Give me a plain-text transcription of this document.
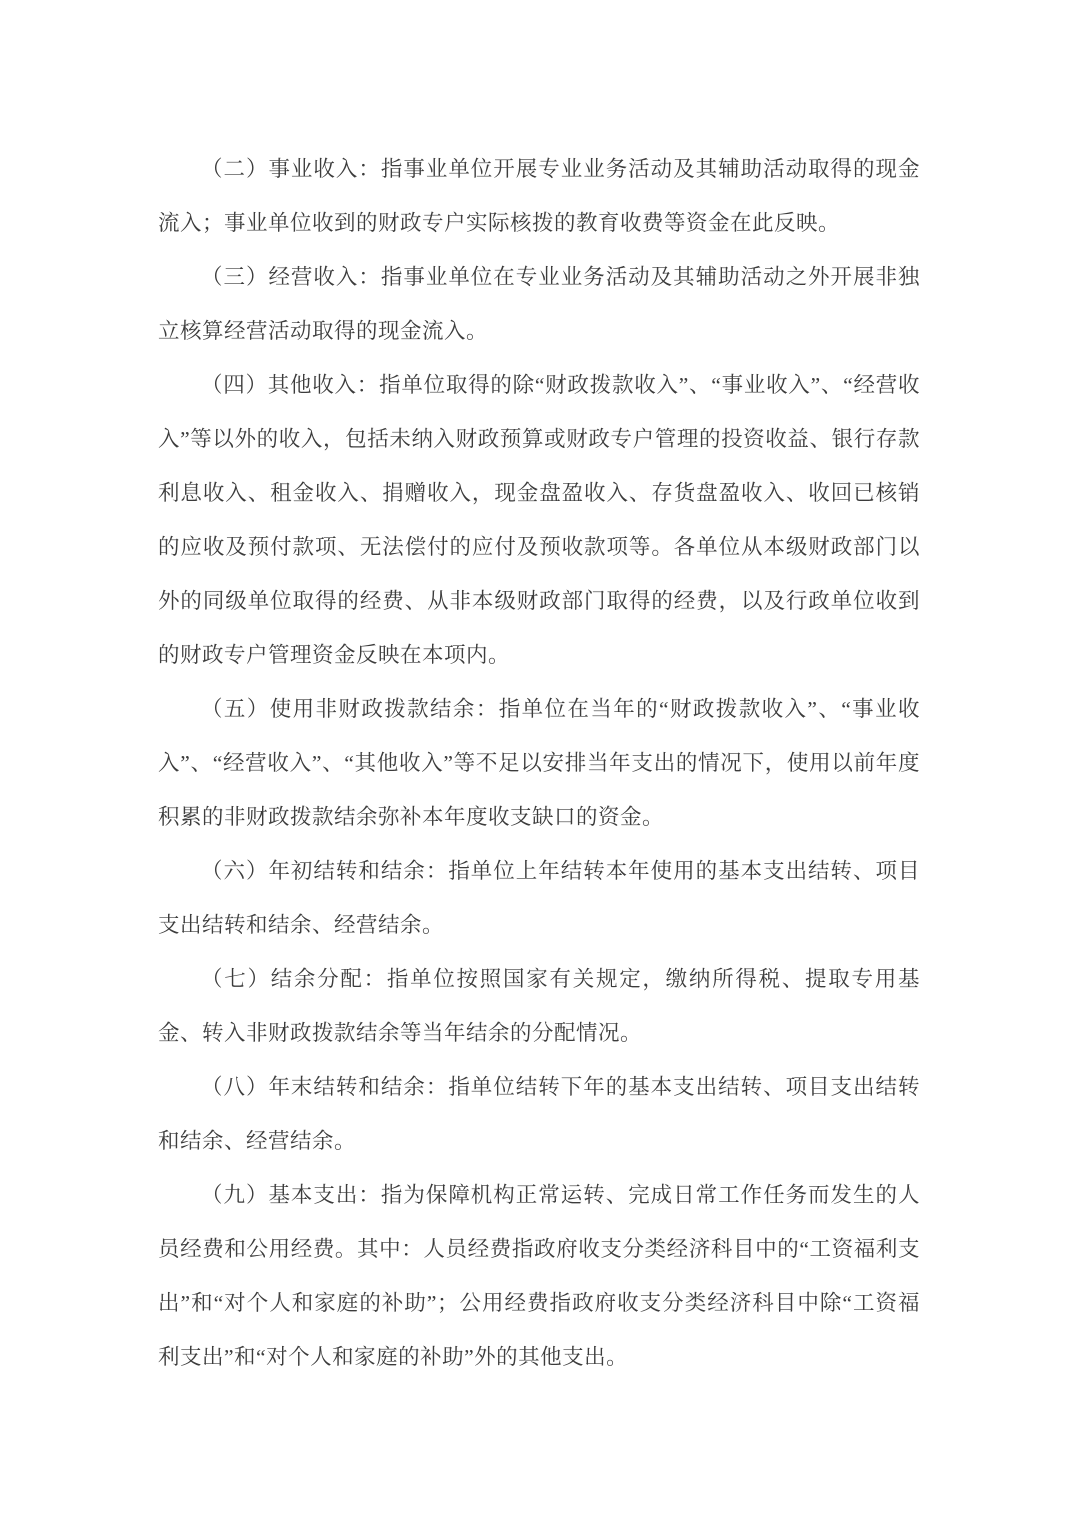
（二）事业收入：指事业单位开展专业业务活动及其辅助活动取得的现金流入；事业单位收到的财政专户实际核拨的教育收费等资金在此反映。

（三）经营收入：指事业单位在专业业务活动及其辅助活动之外开展非独立核算经营活动取得的现金流入。

（四）其他收入：指单位取得的除“财政拨款收入”、“事业收入”、“经营收入”等以外的收入，包括未纳入财政预算或财政专户管理的投资收益、银行存款利息收入、租金收入、捐赠收入，现金盘盈收入、存货盘盈收入、收回已核销的应收及预付款项、无法偿付的应付及预收款项等。各单位从本级财政部门以外的同级单位取得的经费、从非本级财政部门取得的经费，以及行政单位收到的财政专户管理资金反映在本项内。

（五）使用非财政拨款结余：指单位在当年的“财政拨款收入”、“事业收入”、“经营收入”、“其他收入”等不足以安排当年支出的情况下，使用以前年度积累的非财政拨款结余弥补本年度收支缺口的资金。

（六）年初结转和结余：指单位上年结转本年使用的基本支出结转、项目支出结转和结余、经营结余。

（七）结余分配：指单位按照国家有关规定，缴纳所得税、提取专用基金、转入非财政拨款结余等当年结余的分配情况。

（八）年末结转和结余：指单位结转下年的基本支出结转、项目支出结转和结余、经营结余。

（九）基本支出：指为保障机构正常运转、完成日常工作任务而发生的人员经费和公用经费。其中：人员经费指政府收支分类经济科目中的“工资福利支出”和“对个人和家庭的补助”；公用经费指政府收支分类经济科目中除“工资福利支出”和“对个人和家庭的补助”外的其他支出。
